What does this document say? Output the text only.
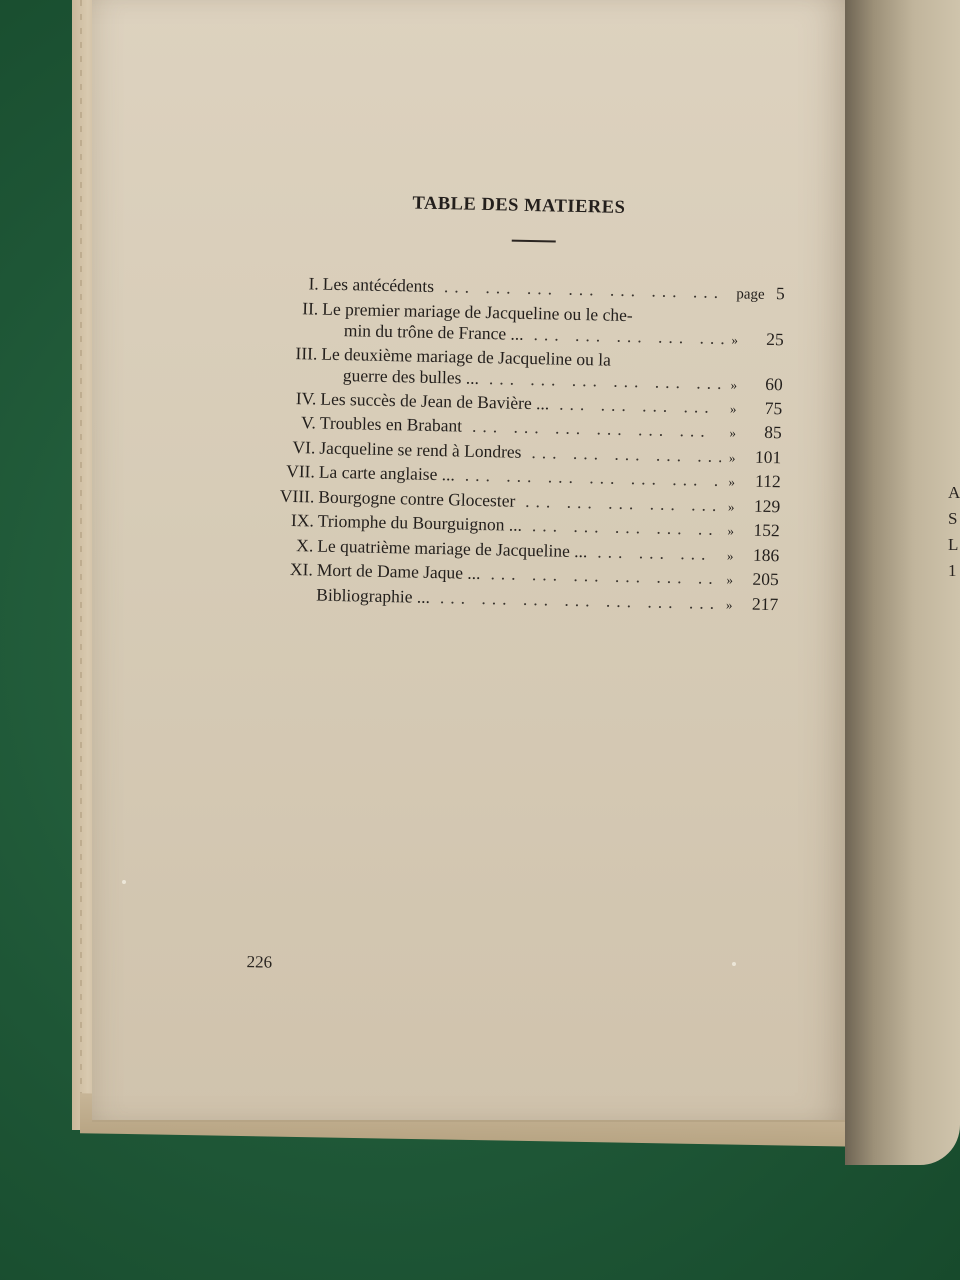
A
S
L
1
TABLE DES MATIERES
I. Les antécédents ... .	page 5
II. Le premier mariage de Jacqueline ou le che-
min du trône de France ... ... .	»	25
III. Le deuxième mariage de Jacqueline ou la
guerre des bulles ... ... .	»	60
IV. Les succès de Jean de Bavière ... ... .	»	75
V. Troubles en Brabant ... .	»	85
VI. Jacqueline se rend à Londres ... .	»	101
VII. La carte anglaise ... ... .	»	112
VIII. Bourgogne contre Glocester ... .	»	129
IX. Triomphe du Bourguignon ... ... .	»	152
X. Le quatrième mariage de Jacqueline ... ... .	»	186
XI. Mort de Dame Jaque ... ... .	»	205
Bibliographie ... ... .	»	217
226
